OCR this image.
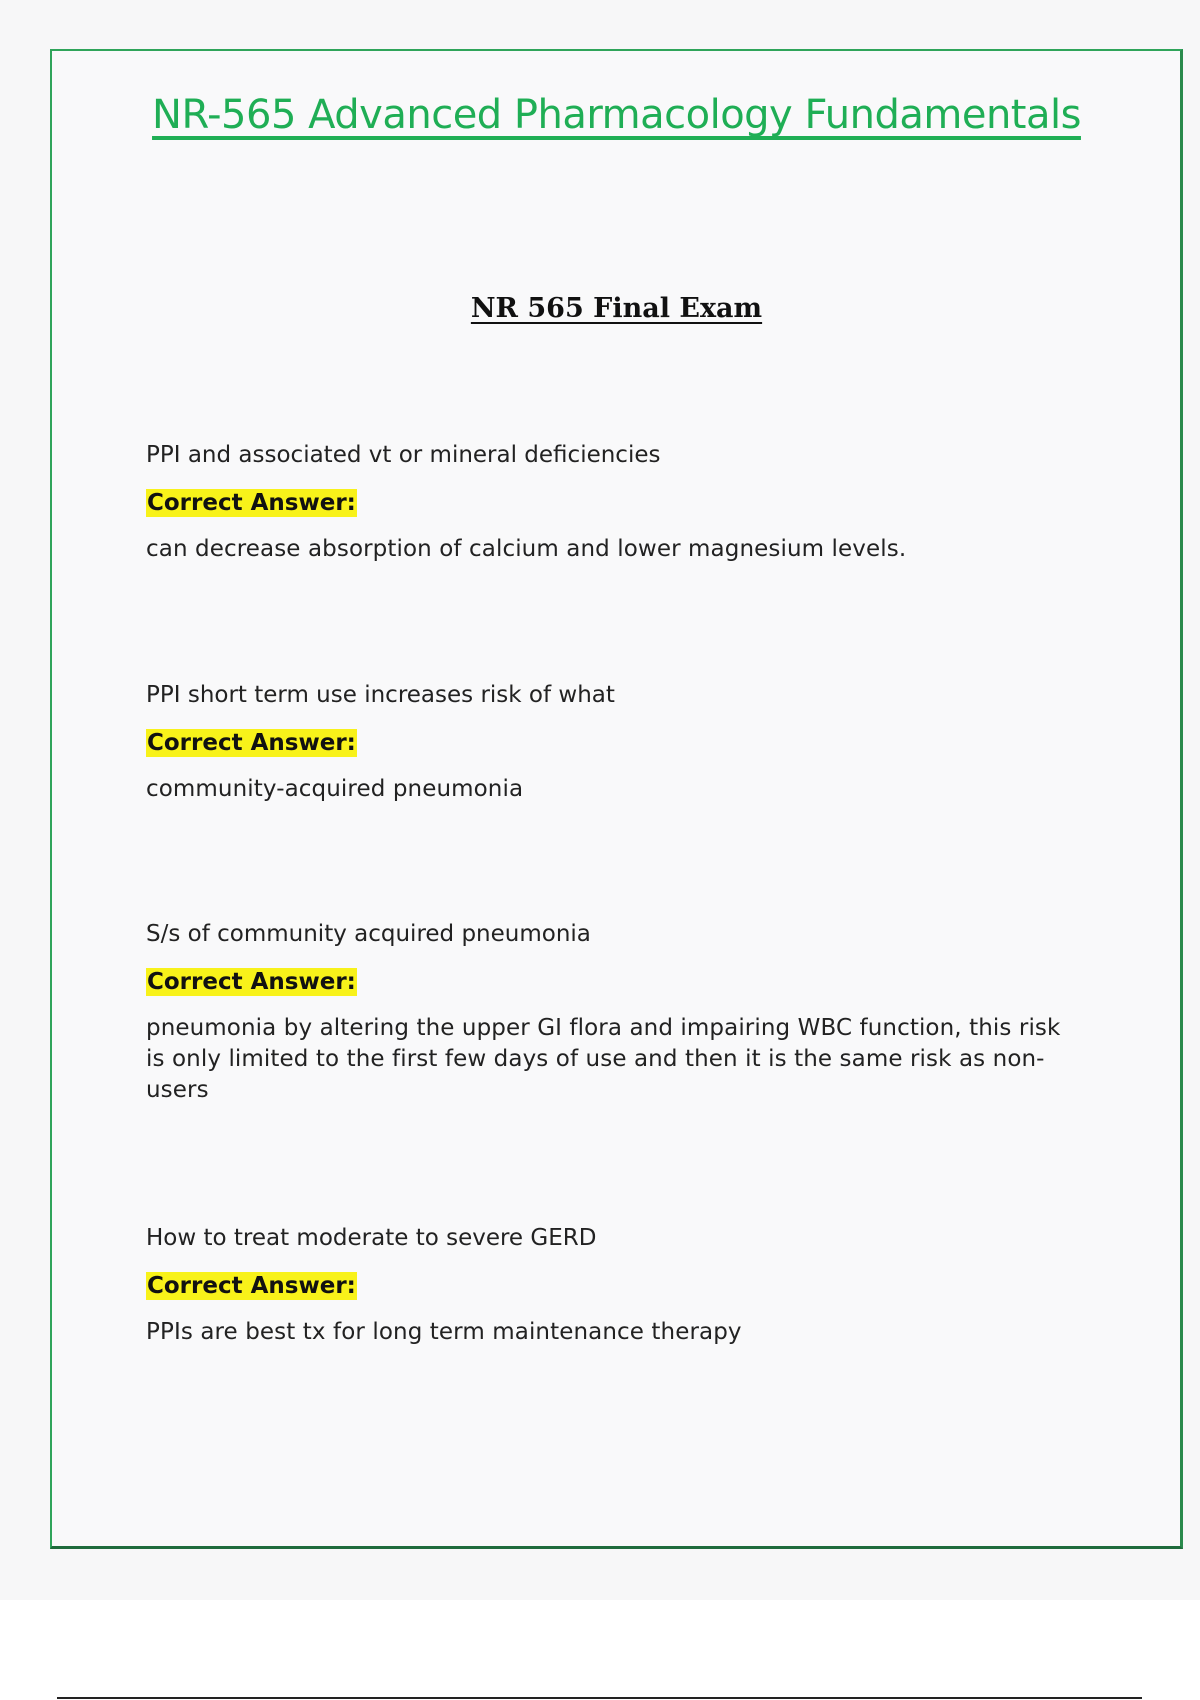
NR-565 Advanced Pharmacology Fundamentals
NR 565 Final Exam

PPI and associated vt or mineral deficiencies

Correct Answer:
can decrease absorption of calcium and lower magnesium levels.

PPI short term use increases risk of what

Correct Answer:
community-acquired pneumonia

S/s of community acquired pneumonia

Correct Answer:
pneumonia by altering the upper GI flora and impairing WBC function, this risk is only limited to the first few days of use and then it is the same risk as non-users

How to treat moderate to severe GERD

Correct Answer:
PPIs are best tx for long term maintenance therapy
